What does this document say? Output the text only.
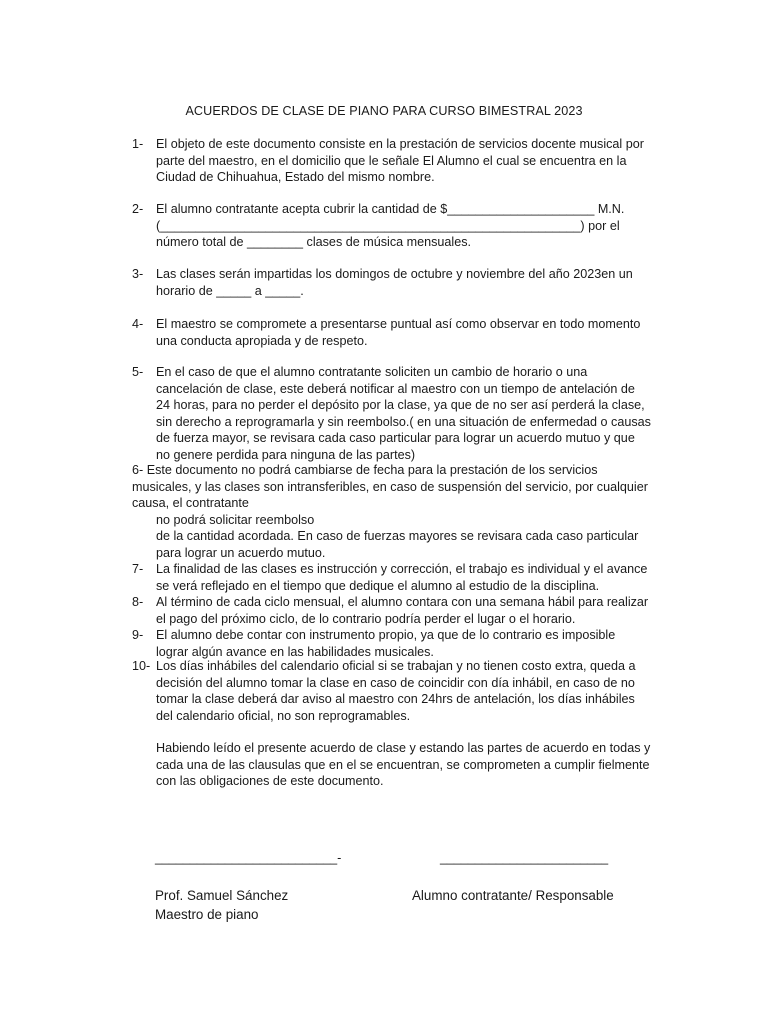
ACUERDOS DE CLASE DE PIANO PARA CURSO BIMESTRAL 2023
1- El objeto de este documento consiste en la prestación de servicios docente musical por
parte del maestro, en el domicilio que le señale El Alumno el cual se encuentra en la
Ciudad de Chihuahua, Estado del mismo nombre.
2- El alumno contratante acepta cubrir la cantidad de $_____________________ M.N.
(____________________________________________________________) por el
número total de ________ clases de música mensuales.
3- Las clases serán impartidas los domingos de octubre y noviembre del año 2023en un
horario de _____ a _____.
4- El maestro se compromete a presentarse puntual así como observar en todo momento
una conducta apropiada y de respeto.
5- En el caso de que el alumno contratante soliciten un cambio de horario o una
cancelación de clase, este deberá notificar al maestro con un tiempo de antelación de
24 horas, para no perder el depósito por la clase, ya que de no ser así perderá la clase,
sin derecho a reprogramarla y sin reembolso.( en una situación de enfermedad o causas
de fuerza mayor, se revisara cada caso particular para lograr un acuerdo mutuo y que
no genere perdida para ninguna de las partes)
6- Este documento no podrá cambiarse de fecha para la prestación de los servicios
musicales, y las clases son intransferibles, en caso de suspensión del servicio, por cualquier
causa, el contratante
no podrá solicitar reembolso
de la cantidad acordada. En caso de fuerzas mayores se revisara cada caso particular
para lograr un acuerdo mutuo.
7- La finalidad de las clases es instrucción y corrección, el trabajo es individual y el avance
se verá reflejado en el tiempo que dedique el alumno al estudio de la disciplina.
8- Al término de cada ciclo mensual, el alumno contara con una semana hábil para realizar
el pago del próximo ciclo, de lo contrario podría perder el lugar o el horario.
9- El alumno debe contar con instrumento propio, ya que de lo contrario es imposible
lograr algún avance en las habilidades musicales.
10- Los días inhábiles del calendario oficial si se trabajan y no tienen costo extra, queda a
decisión del alumno tomar la clase en caso de coincidir con día inhábil, en caso de no
tomar la clase deberá dar aviso al maestro con 24hrs de antelación, los días inhábiles
del calendario oficial, no son reprogramables.
Habiendo leído el presente acuerdo de clase y estando las partes de acuerdo en todas y
cada una de las clausulas que en el se encuentran, se comprometen a cumplir fielmente
con las obligaciones de este documento.
__________________________-	________________________
Prof. Samuel Sánchez
Maestro de piano
Alumno contratante/ Responsable
